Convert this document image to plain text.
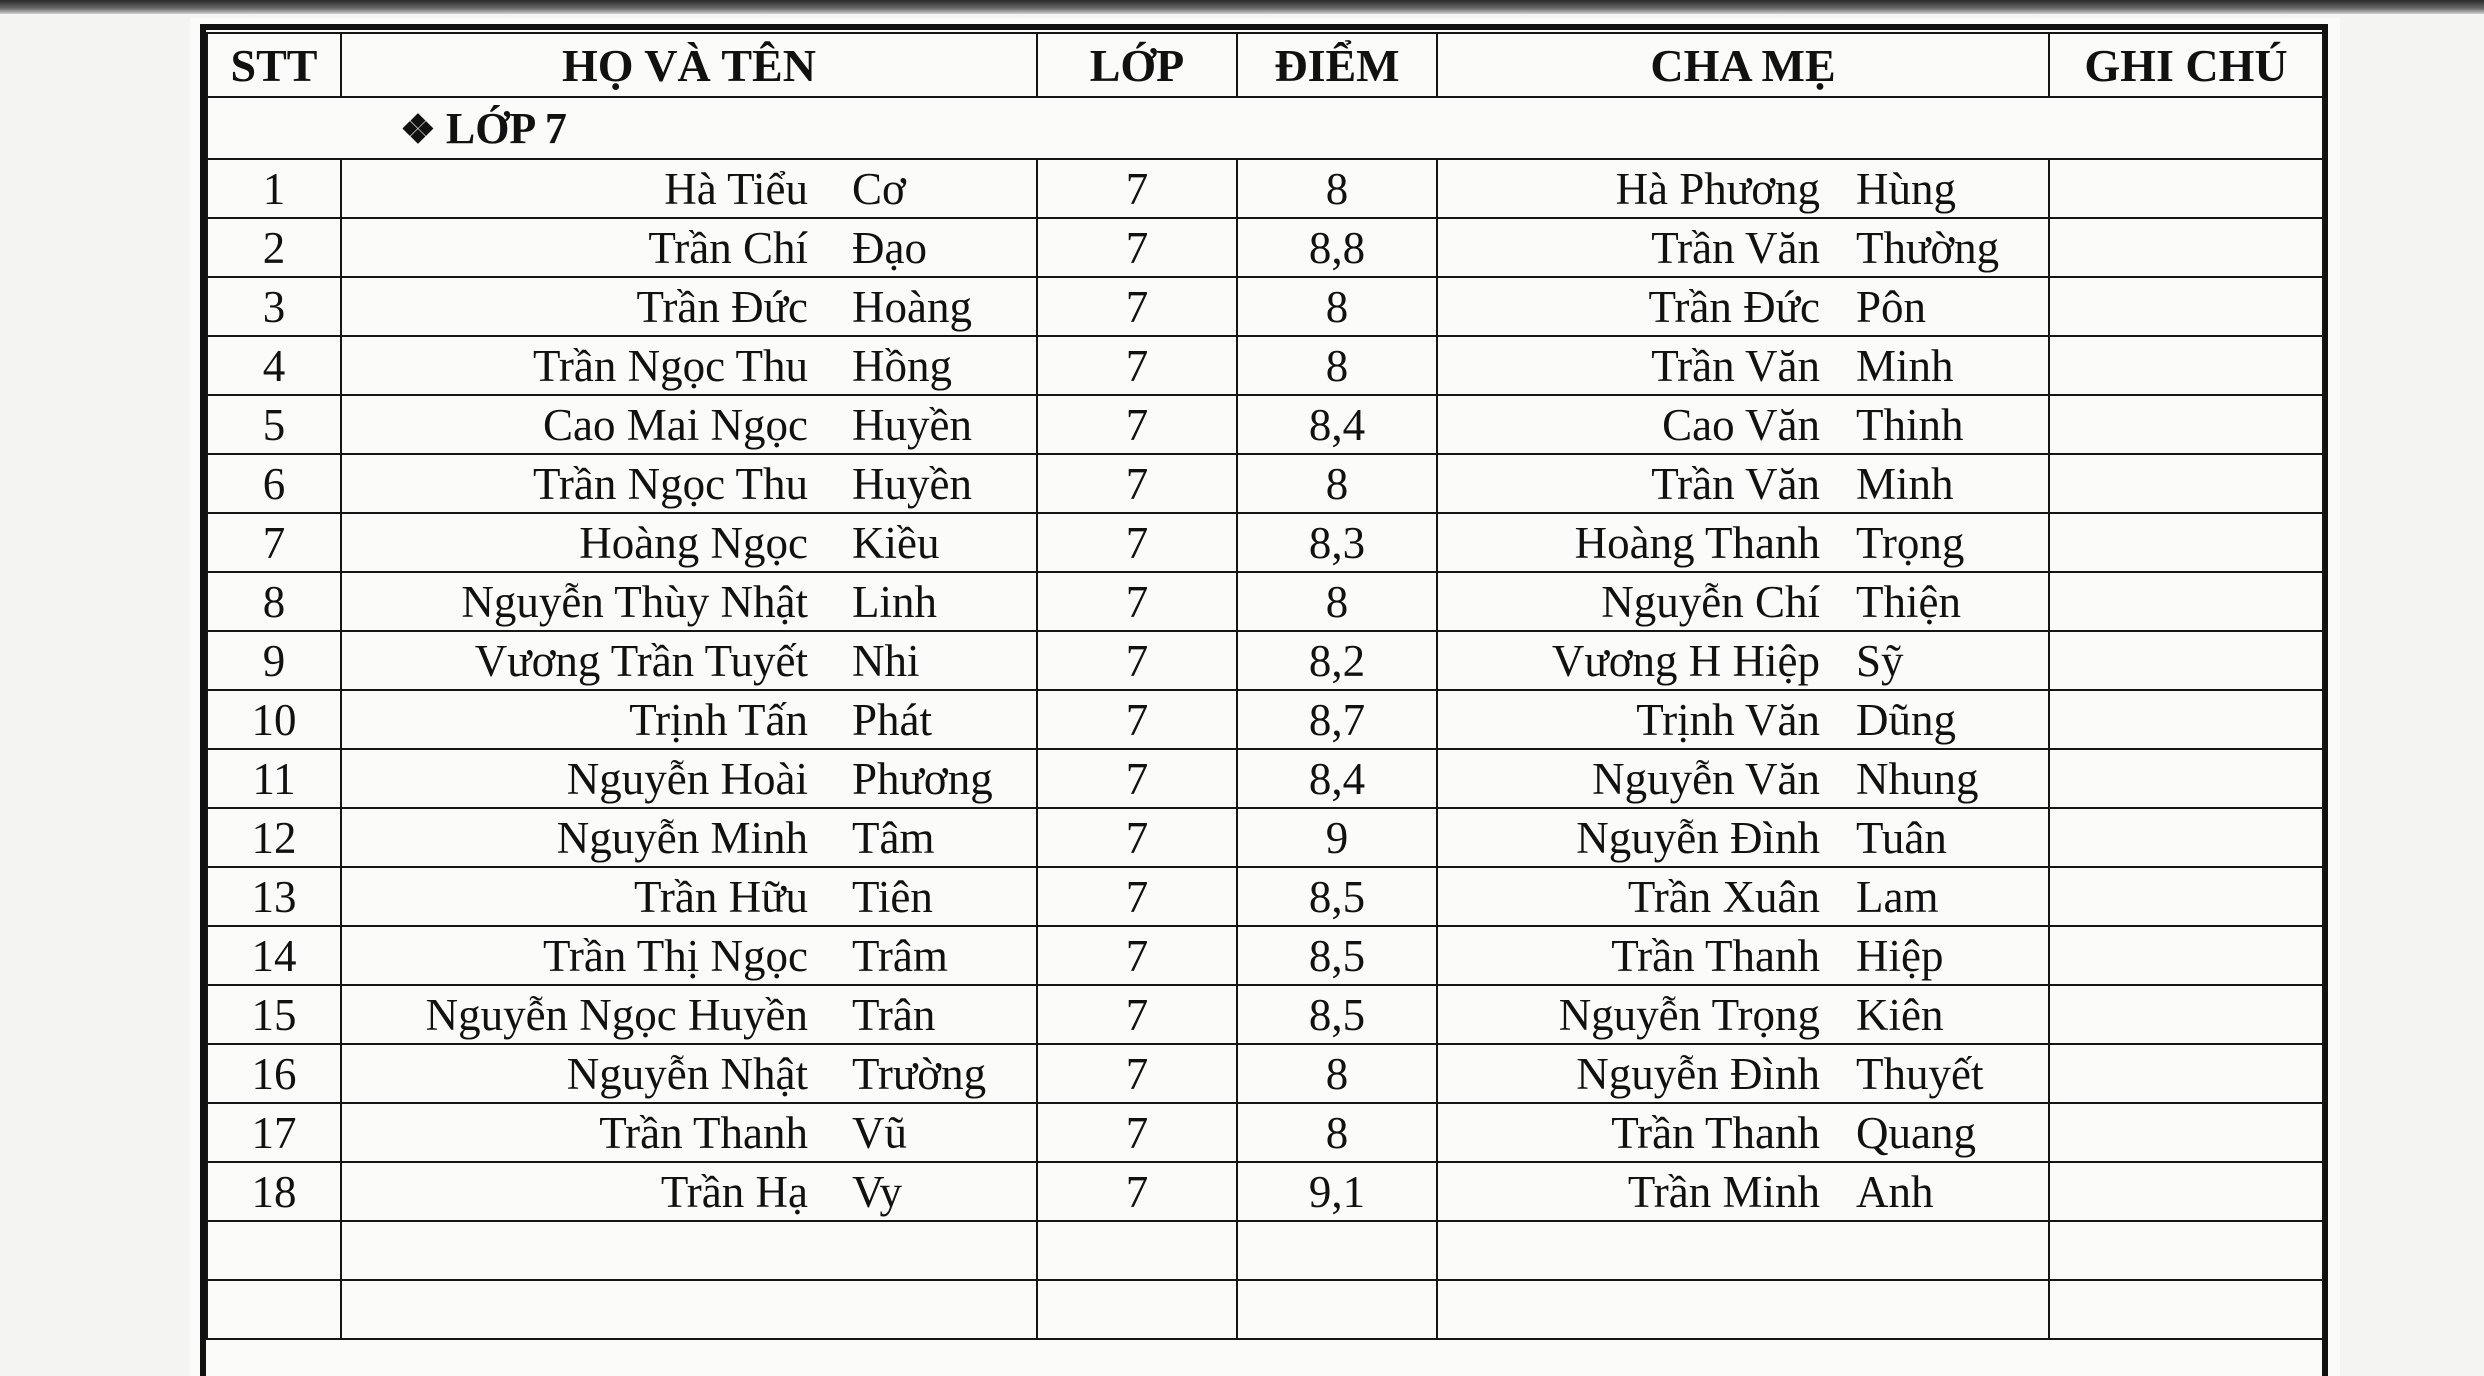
STT	HỌ VÀ TÊN	LỚP	ĐIỂM	CHA MẸ	GHI CHÚ
❖ LỚP 7					
1	Hà Tiểu Cơ	7	8	Hà Phương Hùng	

2	Trần Chí Đạo	7	8,8	Trần Văn Thường	

3	Trần Đức Hoàng	7	8	Trần Đức Pôn	

4	Trần Ngọc Thu Hồng	7	8	Trần Văn Minh	

5	Cao Mai Ngọc Huyền	7	8,4	Cao Văn Thinh	

6	Trần Ngọc Thu Huyền	7	8	Trần Văn Minh	

7	Hoàng Ngọc Kiều	7	8,3	Hoàng Thanh Trọng	

8	Nguyễn Thùy Nhật Linh	7	8	Nguyễn Chí Thiện	

9	Vương Trần Tuyết Nhi	7	8,2	Vương H Hiệp Sỹ	

10	Trịnh Tấn Phát	7	8,7	Trịnh Văn Dũng	

11	Nguyễn Hoài Phương	7	8,4	Nguyễn Văn Nhung	

12	Nguyễn Minh Tâm	7	9	Nguyễn Đình Tuân	

13	Trần Hữu Tiên	7	8,5	Trần Xuân Lam	

14	Trần Thị Ngọc Trâm	7	8,5	Trần Thanh Hiệp	

15	Nguyễn Ngọc Huyền Trân	7	8,5	Nguyễn Trọng Kiên	

16	Nguyễn Nhật Trường	7	8	Nguyễn Đình Thuyết	

17	Trần Thanh Vũ	7	8	Trần Thanh Quang	

18	Trần Hạ Vy	7	9,1	Trần Minh Anh	
